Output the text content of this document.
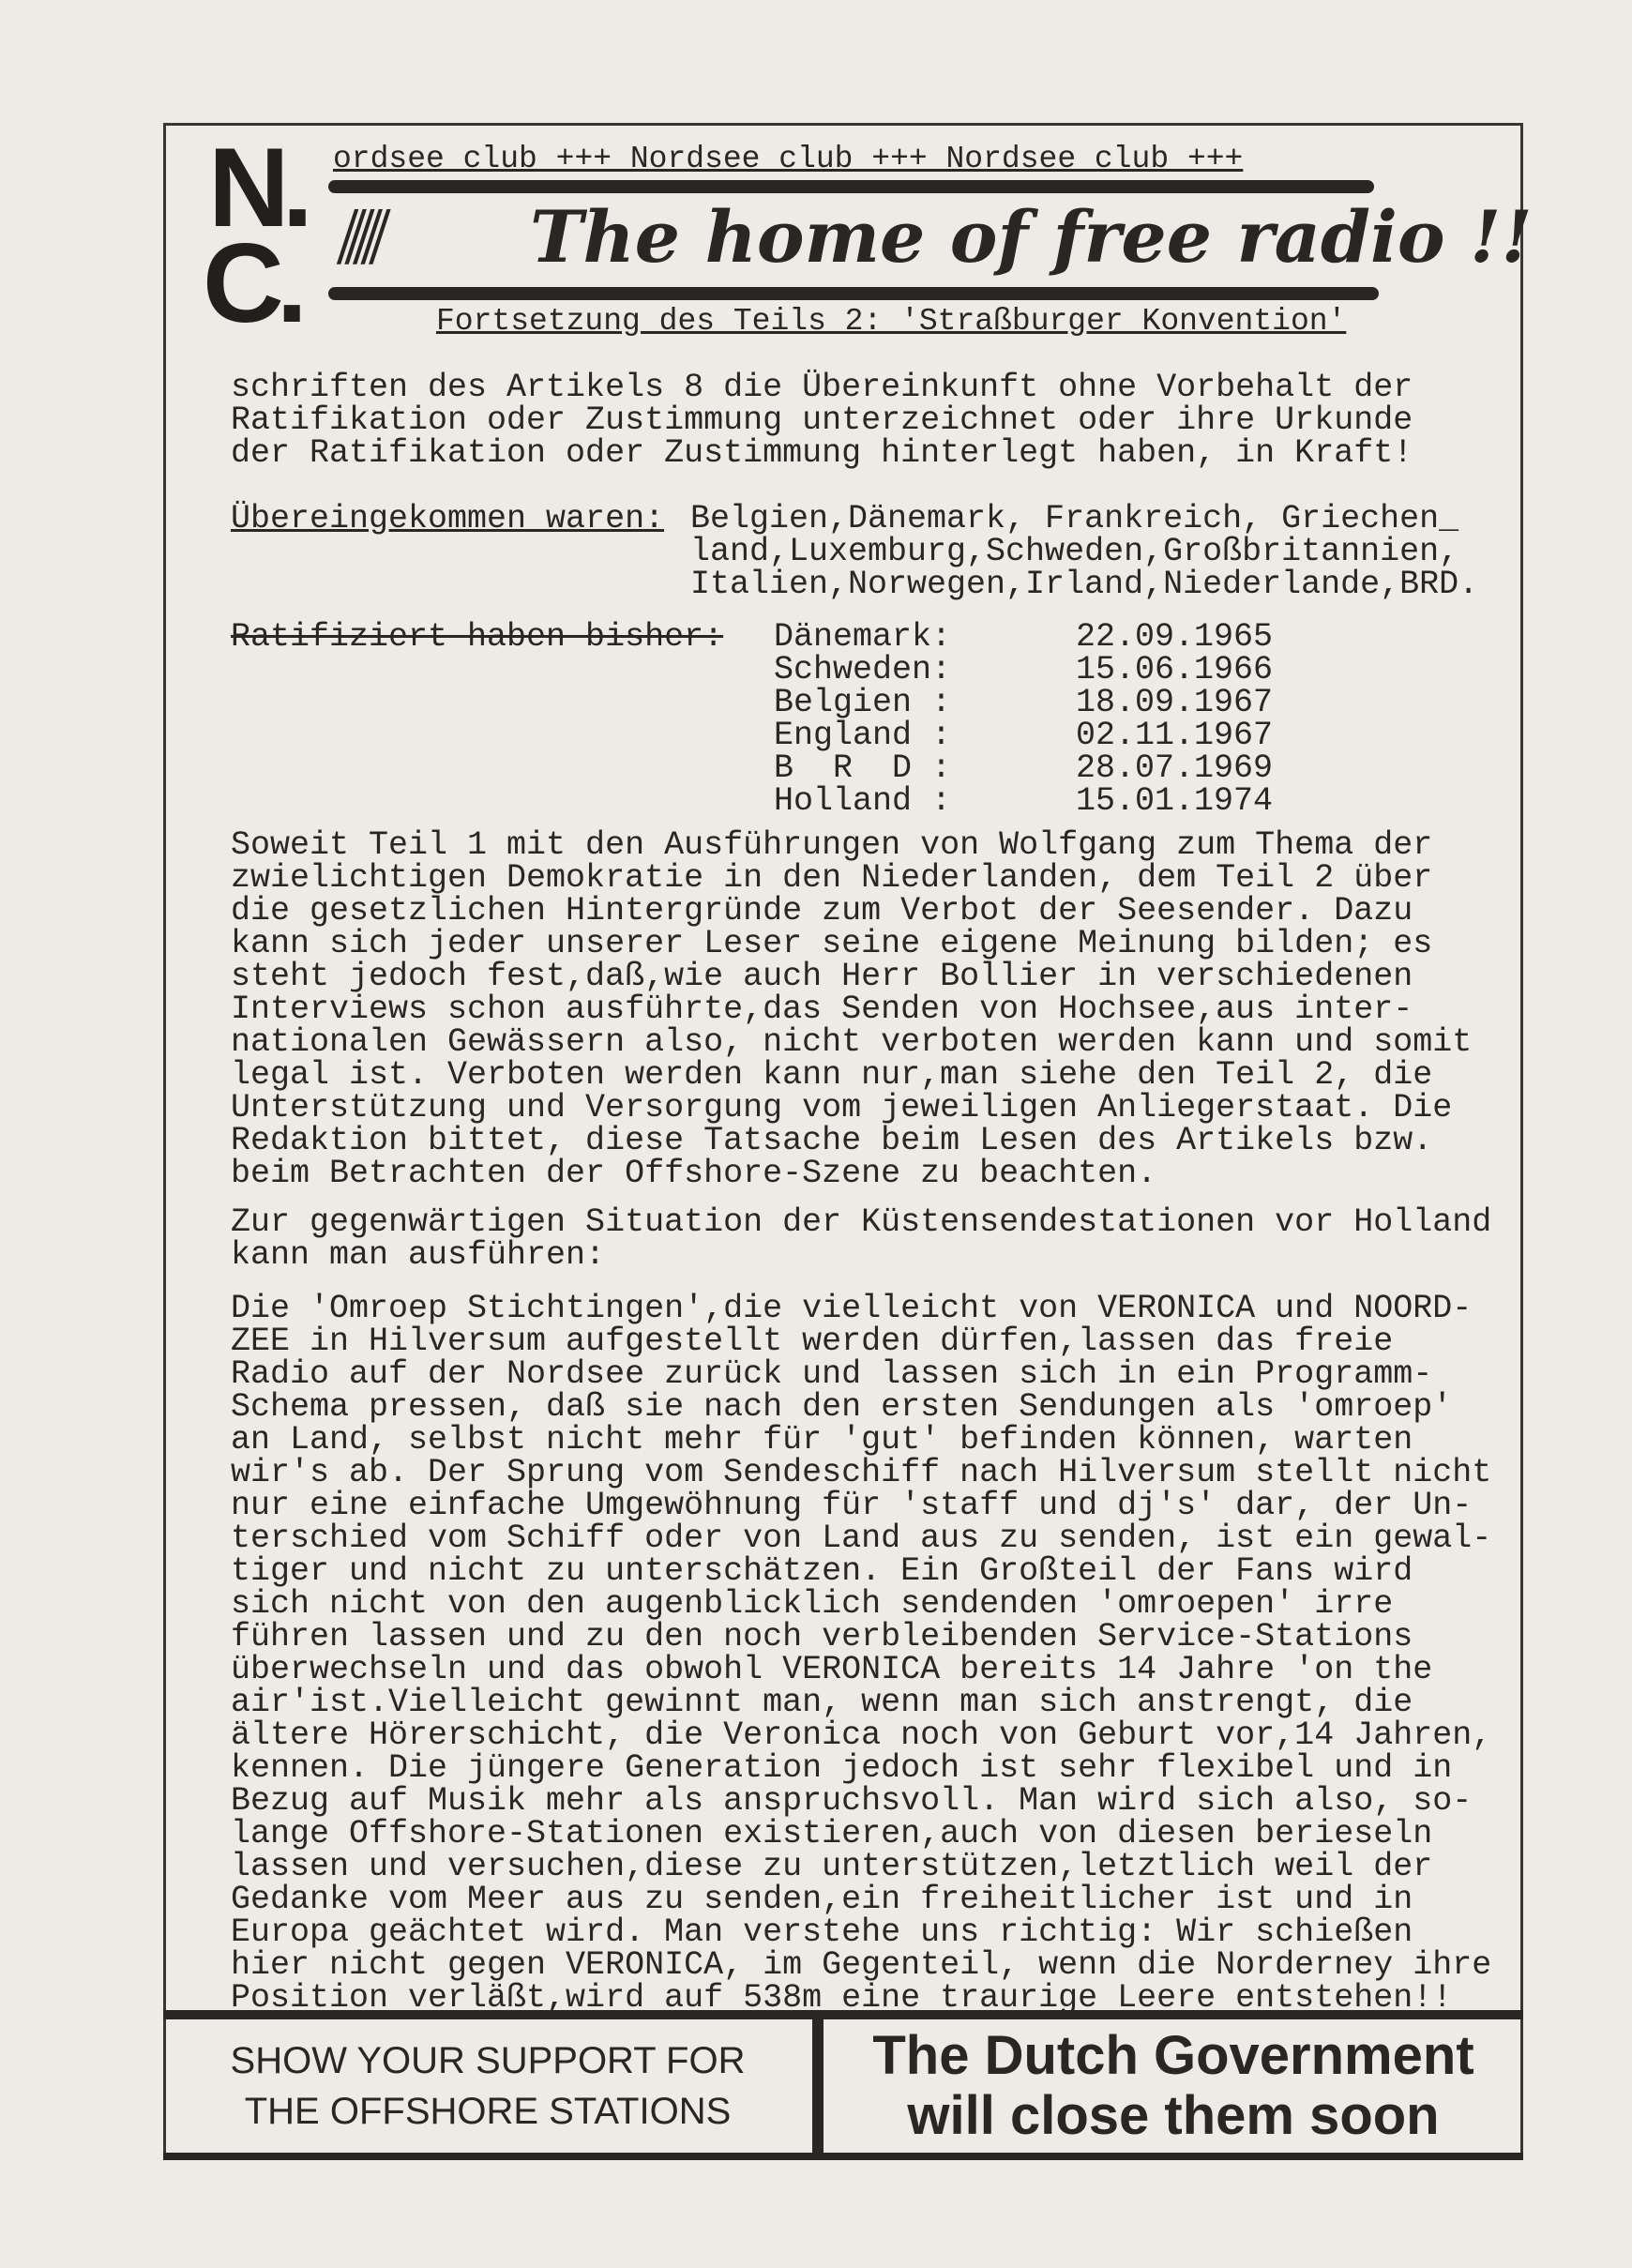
N.
C.
ordsee club +++ Nordsee club +++ Nordsee club +++
///// The home of free radio !!
Fortsetzung des Teils 2: 'Straßburger Konvention'
schriften des Artikels 8 die Übereinkunft ohne Vorbehalt der
Ratifikation oder Zustimmung unterzeichnet oder ihre Urkunde
der Ratifikation oder Zustimmung hinterlegt haben, in Kraft!
Übereingekommen waren: Belgien,Dänemark, Frankreich, Griechen_
land,Luxemburg,Schweden,Großbritannien,
Italien,Norwegen,Irland,Niederlande,BRD.
Ratifiziert haben bisher: Dänemark:	22.09.1965
Schweden:	15.06.1966
Belgien :	18.09.1967
England :	02.11.1967
B  R  D :	28.07.1969
Holland :	15.01.1974
Soweit Teil 1 mit den Ausführungen von Wolfgang zum Thema der
zwielichtigen Demokratie in den Niederlanden, dem Teil 2 über
die gesetzlichen Hintergründe zum Verbot der Seesender. Dazu
kann sich jeder unserer Leser seine eigene Meinung bilden; es
steht jedoch fest,daß,wie auch Herr Bollier in verschiedenen
Interviews schon ausführte,das Senden von Hochsee,aus inter-
nationalen Gewässern also, nicht verboten werden kann und somit
legal ist. Verboten werden kann nur,man siehe den Teil 2, die
Unterstützung und Versorgung vom jeweiligen Anliegerstaat. Die
Redaktion bittet, diese Tatsache beim Lesen des Artikels bzw.
beim Betrachten der Offshore-Szene zu beachten.
Zur gegenwärtigen Situation der Küstensendestationen vor Holland
kann man ausführen:
Die 'Omroep Stichtingen',die vielleicht von VERONICA und NOORD-
ZEE in Hilversum aufgestellt werden dürfen,lassen das freie
Radio auf der Nordsee zurück und lassen sich in ein Programm-
Schema pressen, daß sie nach den ersten Sendungen als 'omroep'
an Land, selbst nicht mehr für 'gut' befinden können, warten
wir's ab. Der Sprung vom Sendeschiff nach Hilversum stellt nicht
nur eine einfache Umgewöhnung für 'staff und dj's' dar, der Un-
terschied vom Schiff oder von Land aus zu senden, ist ein gewal-
tiger und nicht zu unterschätzen. Ein Großteil der Fans wird
sich nicht von den augenblicklich sendenden 'omroepen' irre
führen lassen und zu den noch verbleibenden Service-Stations
überwechseln und das obwohl VERONICA bereits 14 Jahre 'on the
air'ist.Vielleicht gewinnt man, wenn man sich anstrengt, die
ältere Hörerschicht, die Veronica noch von Geburt vor,14 Jahren,
kennen. Die jüngere Generation jedoch ist sehr flexibel und in
Bezug auf Musik mehr als anspruchsvoll. Man wird sich also, so-
lange Offshore-Stationen existieren,auch von diesen berieseln
lassen und versuchen,diese zu unterstützen,letztlich weil der
Gedanke vom Meer aus zu senden,ein freiheitlicher ist und in
Europa geächtet wird. Man verstehe uns richtig: Wir schießen
hier nicht gegen VERONICA, im Gegenteil, wenn die Norderney ihre
Position verläßt,wird auf 538m eine traurige Leere entstehen!!
SHOW YOUR SUPPORT FOR
THE OFFSHORE STATIONS
The Dutch Government
will close them soon
